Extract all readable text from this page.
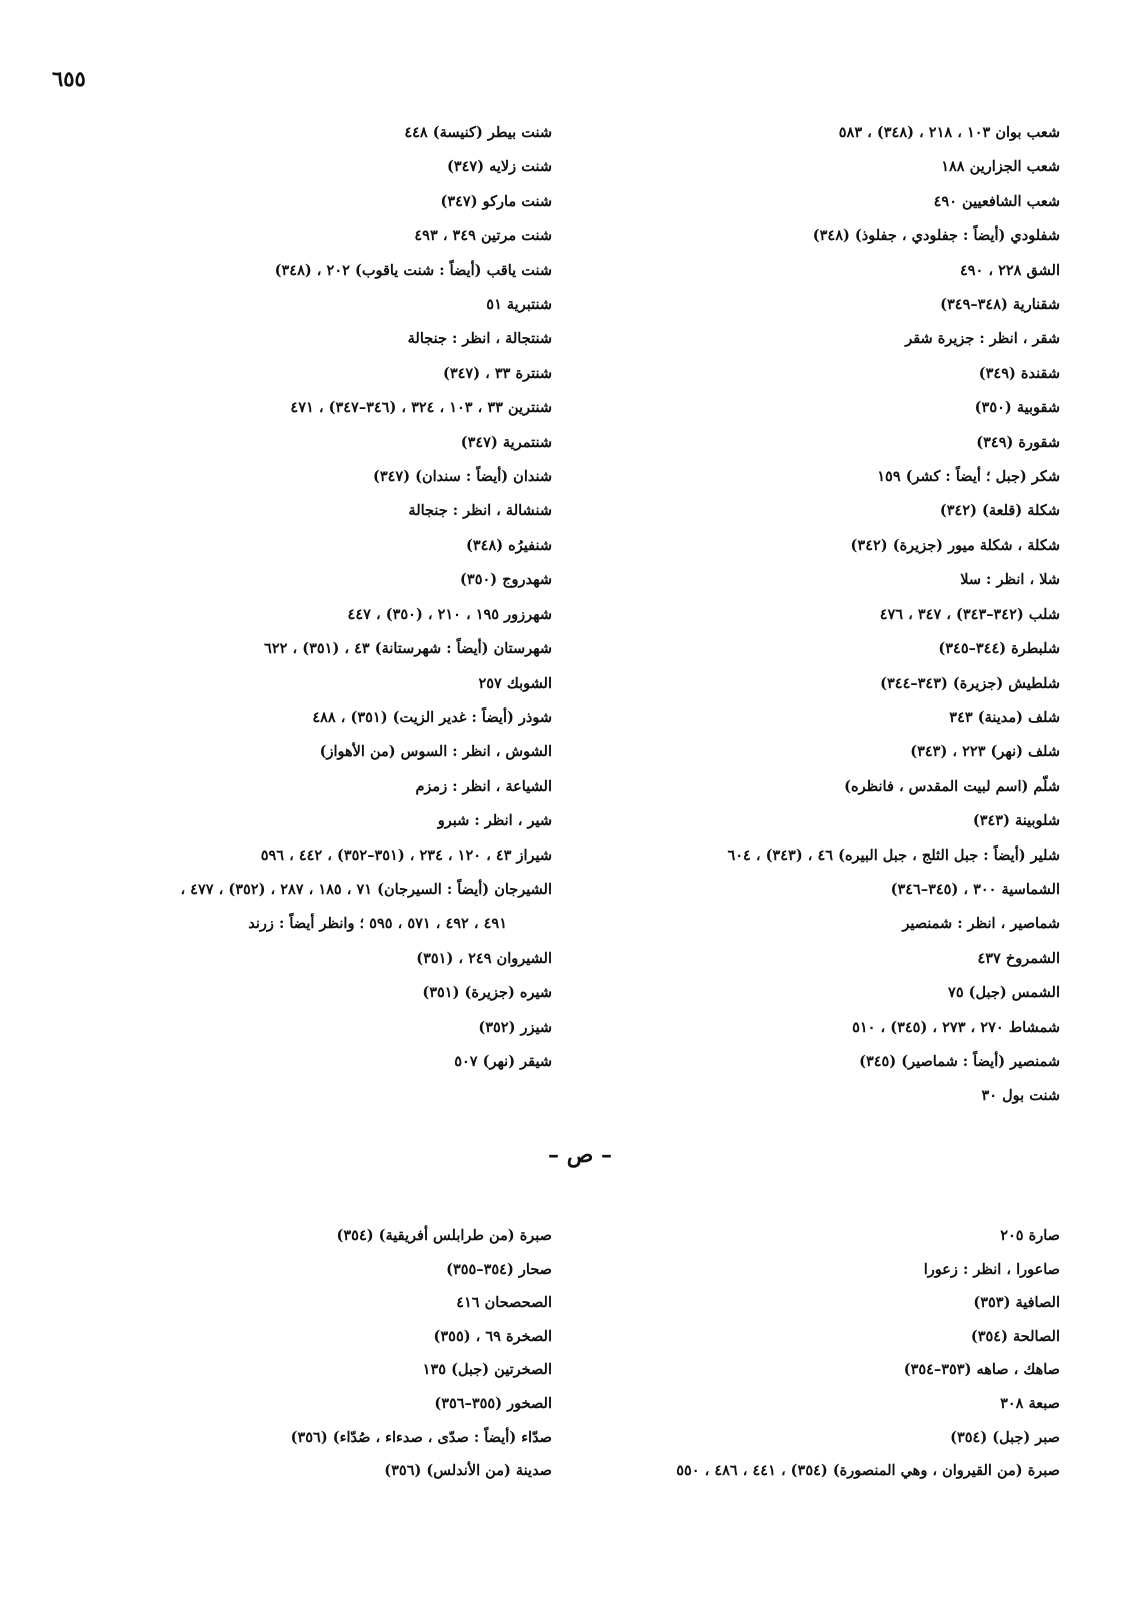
٦٥٥
شعب بوان ١٠٣ ، ٢١٨ ، (٣٤٨) ، ٥٨٣
شعب الجزارين ١٨٨
شعب الشافعيين ٤٩٠
شفلودي (أيضاً : جفلودي ، جفلوذ) (٣٤٨)
الشق ٢٢٨ ، ٤٩٠
شقنارية (٣٤٨–٣٤٩)
شقر ، انظر : جزيرة شقر
شقندة (٣٤٩)
شقوبية (٣٥٠)
شقورة (٣٤٩)
شكر (جبل ؛ أيضاً : كشر) ١٥٩
شكلة (قلعة) (٣٤٢)
شكلة ، شكلة ميور (جزيرة) (٣٤٢)
شلا ، انظر : سلا
شلب (٣٤٢–٣٤٣) ، ٣٤٧ ، ٤٧٦
شلبطرة (٣٤٤–٣٤٥)
شلطيش (جزيرة) (٣٤٣–٣٤٤)
شلف (مدينة) ٣٤٣
شلف (نهر) ٢٢٣ ، (٣٤٣)
شلّم (اسم لبيت المقدس ، فانظره)
شلوبينة (٣٤٣)
شلير (أيضاً : جبل الثلج ، جبل البيره) ٤٦ ، (٣٤٣) ، ٦٠٤
الشماسية ٣٠٠ ، (٣٤٥–٣٤٦)
شماصير ، انظر : شمنصير
الشمروخ ٤٣٧
الشمس (جبل) ٧٥
شمشاط ٢٧٠ ، ٢٧٣ ، (٣٤٥) ، ٥١٠
شمنصير (أيضاً : شماصير) (٣٤٥)
شنت بول ٣٠
شنت بيطر (كنيسة) ٤٤٨
شنت زلايه (٣٤٧)
شنت ماركو (٣٤٧)
شنت مرتين ٣٤٩ ، ٤٩٣
شنت ياقب (أيضاً : شنت ياقوب) ٢٠٢ ، (٣٤٨)
شنتبرية ٥١
شنتجالة ، انظر : جنجالة
شنترة ٣٣ ، (٣٤٧)
شنترين ٣٣ ، ١٠٣ ، ٣٢٤ ، (٣٤٦–٣٤٧) ، ٤٧١
شنتمرية (٣٤٧)
شندان (أيضاً : سندان) (٣٤٧)
شنشالة ، انظر : جنجالة
شنفيرُه (٣٤٨)
شهدروج (٣٥٠)
شهرزور ١٩٥ ، ٢١٠ ، (٣٥٠) ، ٤٤٧
شهرستان (أيضاً : شهرستانة) ٤٣ ، (٣٥١) ، ٦٢٢
الشوبك ٢٥٧
شوذر (أيضاً : غدير الزيت) (٣٥١) ، ٤٨٨
الشوش ، انظر : السوس (من الأهواز)
الشياعة ، انظر : زمزم
شير ، انظر : شبرو
شيراز ٤٣ ، ١٢٠ ، ٢٣٤ ، (٣٥١–٣٥٢) ، ٤٤٢ ، ٥٩٦
الشيرجان (أيضاً : السيرجان) ٧١ ، ١٨٥ ، ٢٨٧ ، (٣٥٢) ، ٤٧٧ ،
٤٩١ ، ٤٩٢ ، ٥٧١ ، ٥٩٥ ؛ وانظر أيضاً : زرند
الشيروان ٢٤٩ ، (٣٥١)
شيره (جزيرة) (٣٥١)
شيزر (٣٥٢)
شيقر (نهر) ٥٠٧
– ص –
صارة ٢٠٥
صاعورا ، انظر : زعورا
الصافية (٣٥٣)
الصالحة (٣٥٤)
صاهك ، صاهه (٣٥٣–٣٥٤)
صبعة ٣٠٨
صبر (جبل) (٣٥٤)
صبرة (من القيروان ، وهي المنصورة) (٣٥٤) ، ٤٤١ ، ٤٨٦ ، ٥٥٠
صبرة (من طرابلس أفريقية) (٣٥٤)
صحار (٣٥٤–٣٥٥)
الصحصحان ٤١٦
الصخرة ٦٩ ، (٣٥٥)
الصخرتين (جبل) ١٣٥
الصخور (٣٥٥–٣٥٦)
صدّاء (أيضاً : صدّى ، صدءاء ، صُدّاء) (٣٥٦)
صدينة (من الأندلس) (٣٥٦)
